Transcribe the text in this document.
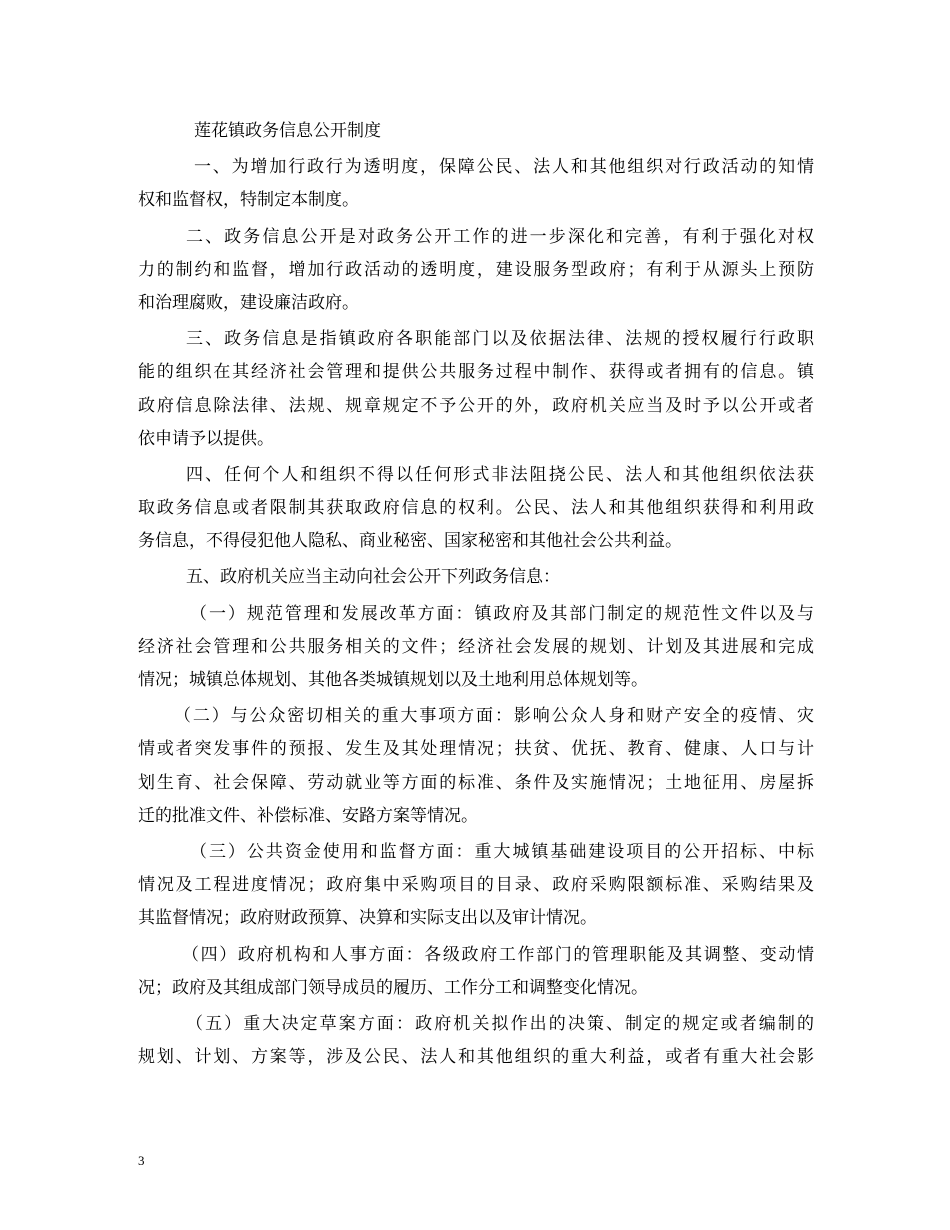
莲花镇政务信息公开制度
一、为增加行政行为透明度，保障公民、法人和其他组织对行政活动的知情
权和监督权，特制定本制度。
二、政务信息公开是对政务公开工作的进一步深化和完善，有利于强化对权
力的制约和监督，增加行政活动的透明度，建设服务型政府；有利于从源头上预防
和治理腐败，建设廉洁政府。
三、政务信息是指镇政府各职能部门以及依据法律、法规的授权履行行政职
能的组织在其经济社会管理和提供公共服务过程中制作、获得或者拥有的信息。镇
政府信息除法律、法规、规章规定不予公开的外，政府机关应当及时予以公开或者
依申请予以提供。
四、任何个人和组织不得以任何形式非法阻挠公民、法人和其他组织依法获
取政务信息或者限制其获取政府信息的权利。公民、法人和其他组织获得和利用政
务信息，不得侵犯他人隐私、商业秘密、国家秘密和其他社会公共利益。
五、政府机关应当主动向社会公开下列政务信息：
（一）规范管理和发展改革方面：镇政府及其部门制定的规范性文件以及与
经济社会管理和公共服务相关的文件；经济社会发展的规划、计划及其进展和完成
情况；城镇总体规划、其他各类城镇规划以及土地利用总体规划等。
（二）与公众密切相关的重大事项方面：影响公众人身和财产安全的疫情、灾
情或者突发事件的预报、发生及其处理情况；扶贫、优抚、教育、健康、人口与计
划生育、社会保障、劳动就业等方面的标准、条件及实施情况；土地征用、房屋拆
迁的批准文件、补偿标准、安路方案等情况。
（三）公共资金使用和监督方面：重大城镇基础建设项目的公开招标、中标
情况及工程进度情况；政府集中采购项目的目录、政府采购限额标准、采购结果及
其监督情况；政府财政预算、决算和实际支出以及审计情况。
（四）政府机构和人事方面：各级政府工作部门的管理职能及其调整、变动情
况；政府及其组成部门领导成员的履历、工作分工和调整变化情况。
（五）重大决定草案方面：政府机关拟作出的决策、制定的规定或者编制的
规划、计划、方案等，涉及公民、法人和其他组织的重大利益，或者有重大社会影
3
